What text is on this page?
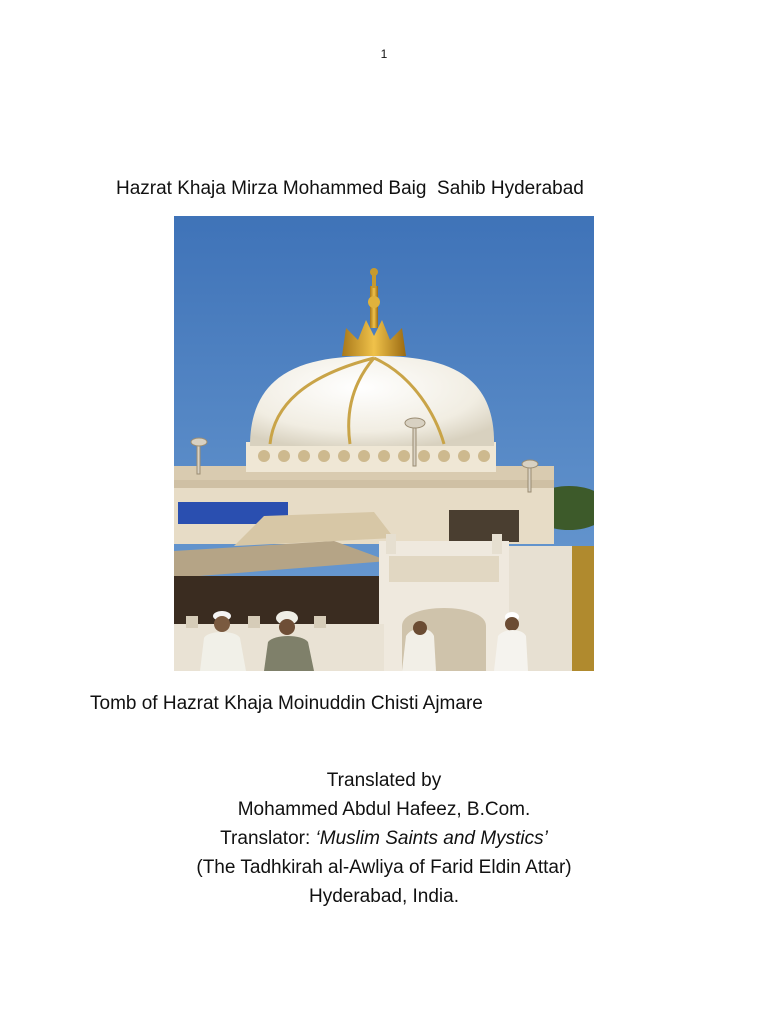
1
Hazrat Khaja Mirza Mohammed Baig  Sahib Hyderabad
Tomb of Hazrat Khaja Moinuddin Chisti Ajmare
Translated by
Mohammed Abdul Hafeez, B.Com.
Translator: ‘Muslim Saints and Mystics’
(The Tadhkirah al-Awliya of Farid Eldin Attar)
Hyderabad, India.
